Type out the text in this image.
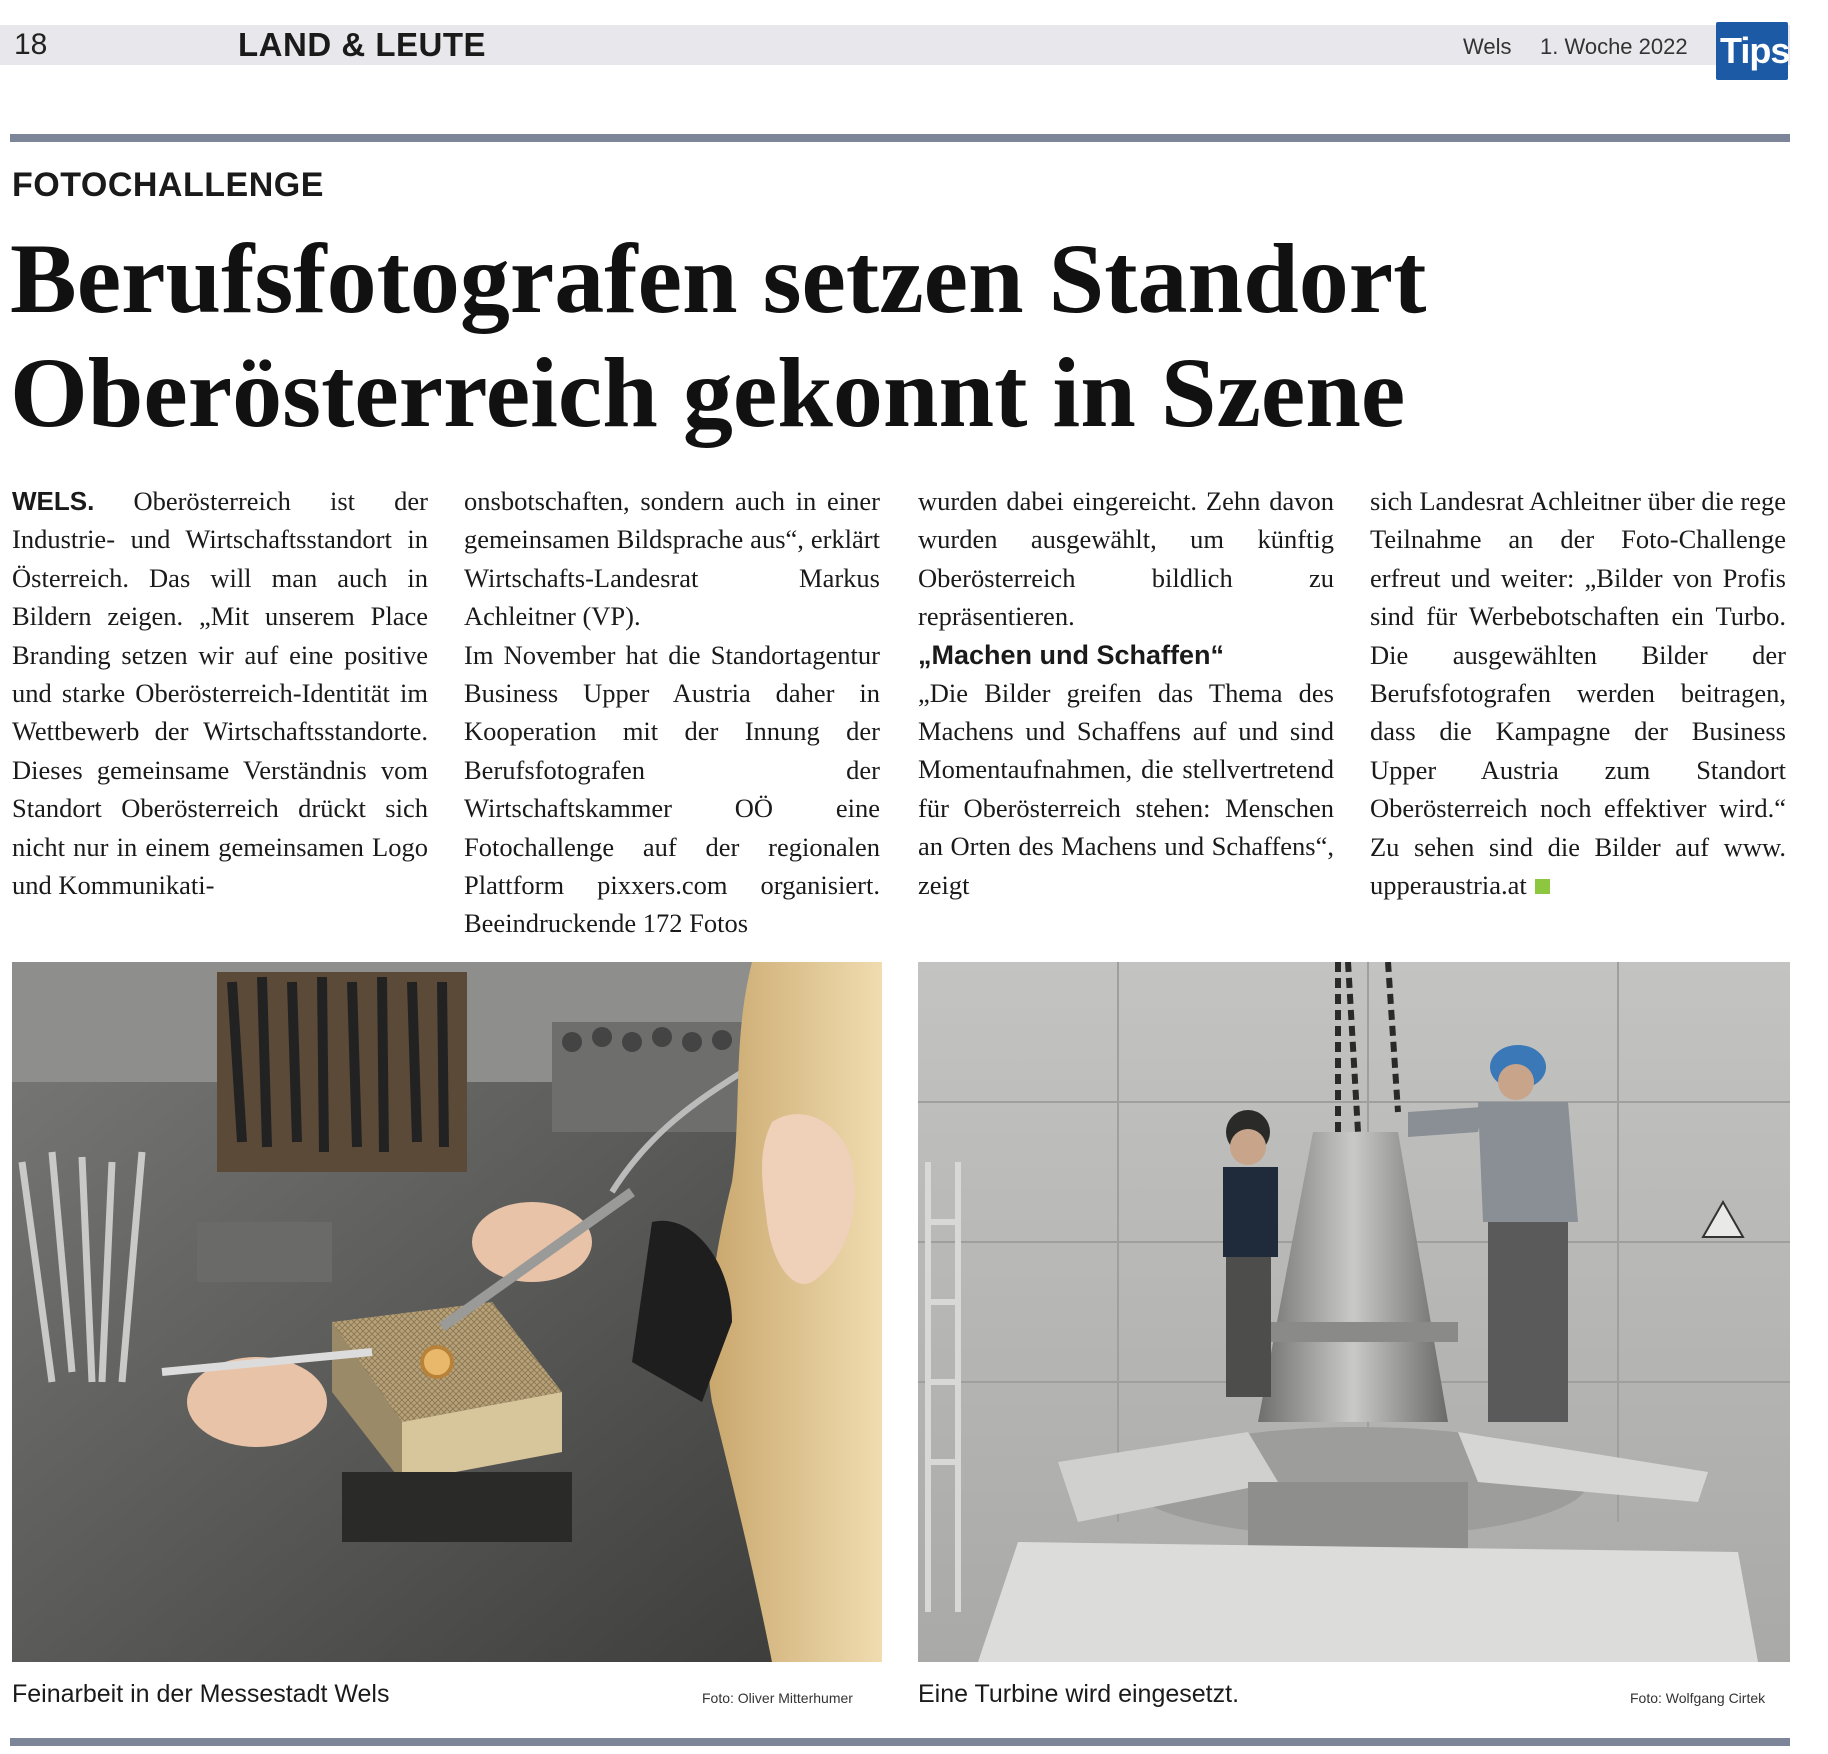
18	LAND & LEUTE	Wels 1. Woche 2022 Tips
FOTOCHALLENGE
Berufsfotografen setzen Standort
Oberösterreich gekonnt in Szene

WELS. Oberösterreich ist der Industrie- und Wirtschaftsstandort in Österreich. Das will man auch in Bildern zeigen. „Mit unserem Place Branding setzen wir auf eine positive und starke Oberösterreich-Identität im Wettbewerb der Wirtschaftsstandorte. Dieses gemeinsame Verständnis vom Standort Oberösterreich drückt sich nicht nur in einem gemeinsamen Logo und Kommunikati-

onsbotschaften, sondern auch in einer gemeinsamen Bildsprache aus“, erklärt Wirtschafts-Landesrat Markus Achleitner (VP).

Im November hat die Standortagentur Business Upper Austria daher in Kooperation mit der Innung der Berufsfotografen der Wirtschaftskammer OÖ eine Fotochallenge auf der regionalen Plattform pixxers.com organisiert. Beeindruckende 172 Fotos

wurden dabei eingereicht. Zehn davon wurden ausgewählt, um künftig Oberösterreich bildlich zu repräsentieren.

„Machen und Schaffen“

„Die Bilder greifen das Thema des Machens und Schaffens auf und sind Momentaufnahmen, die stellvertretend für Oberösterreich stehen: Menschen an Orten des Machens und Schaffens“, zeigt

sich Landesrat Achleitner über die rege Teilnahme an der Foto-Challenge erfreut und weiter: „Bilder von Profis sind für Werbebotschaften ein Turbo. Die ausgewählten Bilder der Berufsfotografen werden beitragen, dass die Kampagne der Business Upper Austria zum Standort Oberösterreich noch effektiver wird.“ Zu sehen sind die Bilder auf www. upperaustria.at

Feinarbeit in der Messestadt Wels	Foto: Oliver Mitterhumer	Eine Turbine wird eingesetzt.	Foto: Wolfgang Cirtek
